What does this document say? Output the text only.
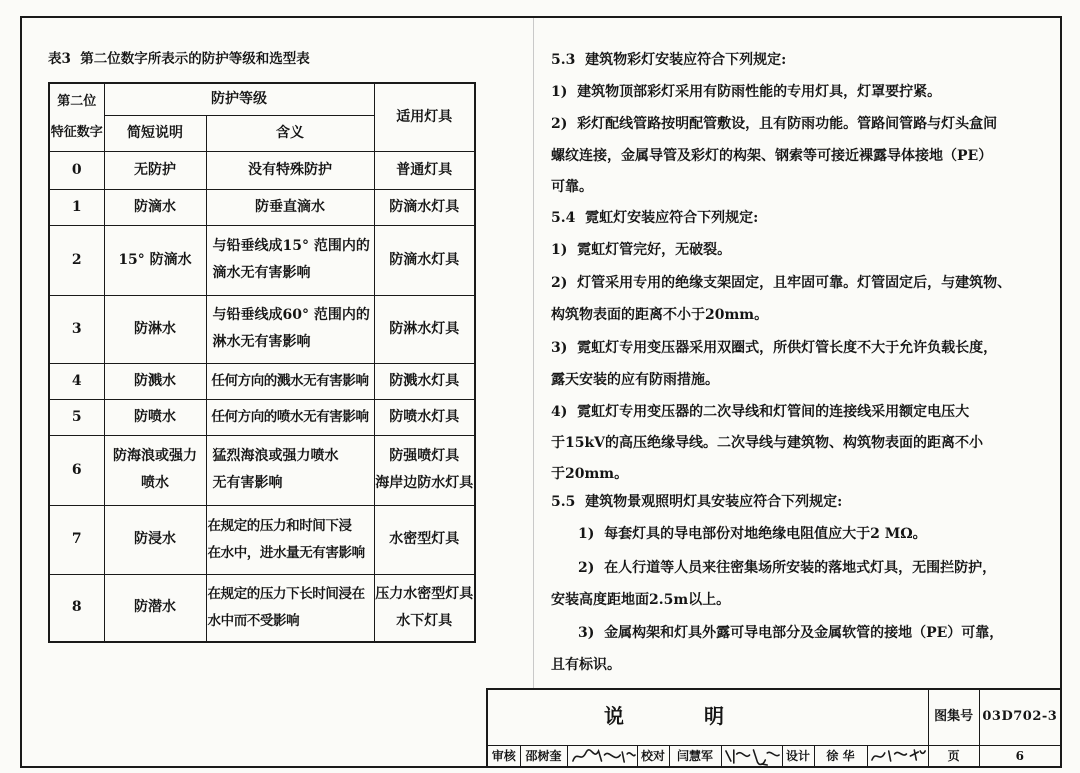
表3  第二位数字所表示的防护等级和选型表
第二位
特征数字	防护等级		适用灯具
	简短说明	含义	
0	无防护	没有特殊防护	普通灯具
1	防滴水	防垂直滴水	防滴水灯具
2	15° 防滴水	与铅垂线成15° 范围内的
滴水无有害影响	防滴水灯具
3	防淋水	与铅垂线成60° 范围内的
淋水无有害影响	防淋水灯具
4	防溅水	任何方向的溅水无有害影响	防溅水灯具
5	防喷水	任何方向的喷水无有害影响	防喷水灯具
6	防海浪或强力
喷水	猛烈海浪或强力喷水
无有害影响	防强喷灯具
海岸边防水灯具

7	防浸水	在规定的压力和时间下浸
在水中，进水量无有害影响	水密型灯具
8	防潜水	在规定的压力下长时间浸在
水中而不受影响	压力水密型灯具
水下灯具
5.3  建筑物彩灯安装应符合下列规定:
1)  建筑物顶部彩灯采用有防雨性能的专用灯具，灯罩要拧紧。
2)  彩灯配线管路按明配管敷设，且有防雨功能。管路间管路与灯头盒间
螺纹连接，金属导管及彩灯的构架、钢索等可接近裸露导体接地（PE）
可靠。
5.4  霓虹灯安装应符合下列规定:
1)  霓虹灯管完好，无破裂。
2)  灯管采用专用的绝缘支架固定，且牢固可靠。灯管固定后，与建筑物、
构筑物表面的距离不小于20mm。
3)  霓虹灯专用变压器采用双圈式，所供灯管长度不大于允许负载长度，
露天安装的应有防雨措施。
4)  霓虹灯专用变压器的二次导线和灯管间的连接线采用额定电压大
于15kV的高压绝缘导线。二次导线与建筑物、构筑物表面的距离不小
于20mm。
5.5  建筑物景观照明灯具安装应符合下列规定:
1)  每套灯具的导电部份对地绝缘电阻值应大于2 MΩ。
2)  在人行道等人员来往密集场所安装的落地式灯具，无围拦防护，
安装高度距地面2.5m以上。
3)  金属构架和灯具外露可导电部分及金属软管的接地（PE）可靠，
且有标识。
说明									图集号	03D702-3
审核	邵树奎		校对	闫慧军		设计	徐 华		页	6
